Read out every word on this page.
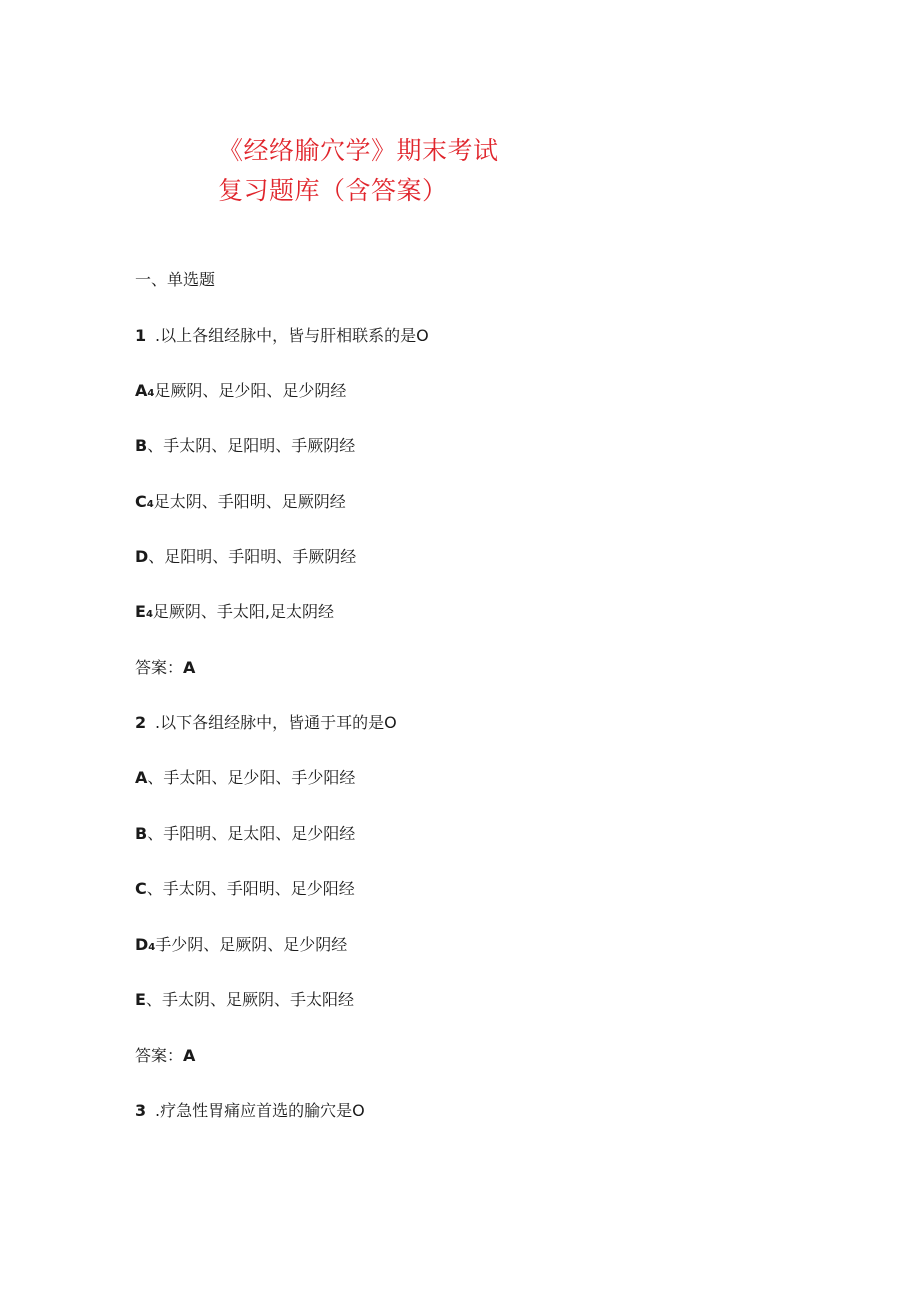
《经络腧穴学》期末考试
复习题库（含答案）
一、单选题
1 .以上各组经脉中，皆与肝相联系的是O
A4足厥阴、足少阳、足少阴经
B、手太阴、足阳明、手厥阴经
C4足太阴、手阳明、足厥阴经
D、足阳明、手阳明、手厥阴经
E4足厥阴、手太阳,足太阴经
答案：A
2 .以下各组经脉中，皆通于耳的是O
A、手太阳、足少阳、手少阳经
B、手阳明、足太阳、足少阳经
C、手太阴、手阳明、足少阳经
D4手少阴、足厥阴、足少阴经
E、手太阴、足厥阴、手太阳经
答案：A
3 .疗急性胃痛应首选的腧穴是O
